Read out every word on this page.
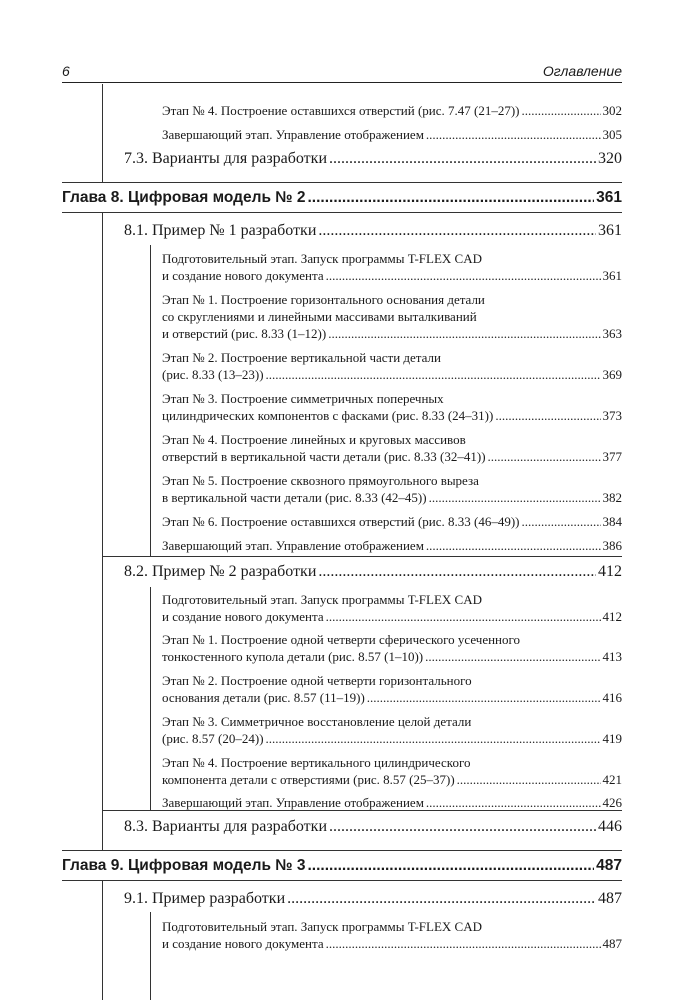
6	Оглавление
Этап № 4. Построение оставшихся отверстий (рис. 7.47 (21–27)) .....	302
Завершающий этап. Управление отображением .....	305
7.3. Варианты для разработки .....	320
Глава 8. Цифровая модель № 2 .....	361
8.1. Пример № 1 разработки .....	361
Подготовительный этап. Запуск программы T-FLEX CAD
и создание нового документа .....	361
Этап № 1. Построение горизонтального основания детали
со скруглениями и линейными массивами выталкиваний
и отверстий (рис. 8.33 (1–12)) .....	363
Этап № 2. Построение вертикальной части детали
(рис. 8.33 (13–23)) .....	369
Этап № 3. Построение симметричных поперечных
цилиндрических компонентов с фасками (рис. 8.33 (24–31)) .....	373
Этап № 4. Построение линейных и круговых массивов
отверстий в вертикальной части детали (рис. 8.33 (32–41)) .....	377
Этап № 5. Построение сквозного прямоугольного выреза
в вертикальной части детали (рис. 8.33 (42–45)) .....	382
Этап № 6. Построение оставшихся отверстий (рис. 8.33 (46–49)) .....	384
Завершающий этап. Управление отображением .....	386
8.2. Пример № 2 разработки .....	412
Подготовительный этап. Запуск программы T-FLEX CAD
и создание нового документа .....	412
Этап № 1. Построение одной четверти сферического усеченного
тонкостенного купола детали (рис. 8.57 (1–10)) .....	413
Этап № 2. Построение одной четверти горизонтального
основания детали (рис. 8.57 (11–19)) .....	416
Этап № 3. Симметричное восстановление целой детали
(рис. 8.57 (20–24)) .....	419
Этап № 4. Построение вертикального цилиндрического
компонента детали с отверстиями (рис. 8.57 (25–37)) .....	421
Завершающий этап. Управление отображением .....	426
8.3. Варианты для разработки .....	446
Глава 9. Цифровая модель № 3 .....	487
9.1. Пример разработки .....	487
Подготовительный этап. Запуск программы T-FLEX CAD
и создание нового документа .....	487
